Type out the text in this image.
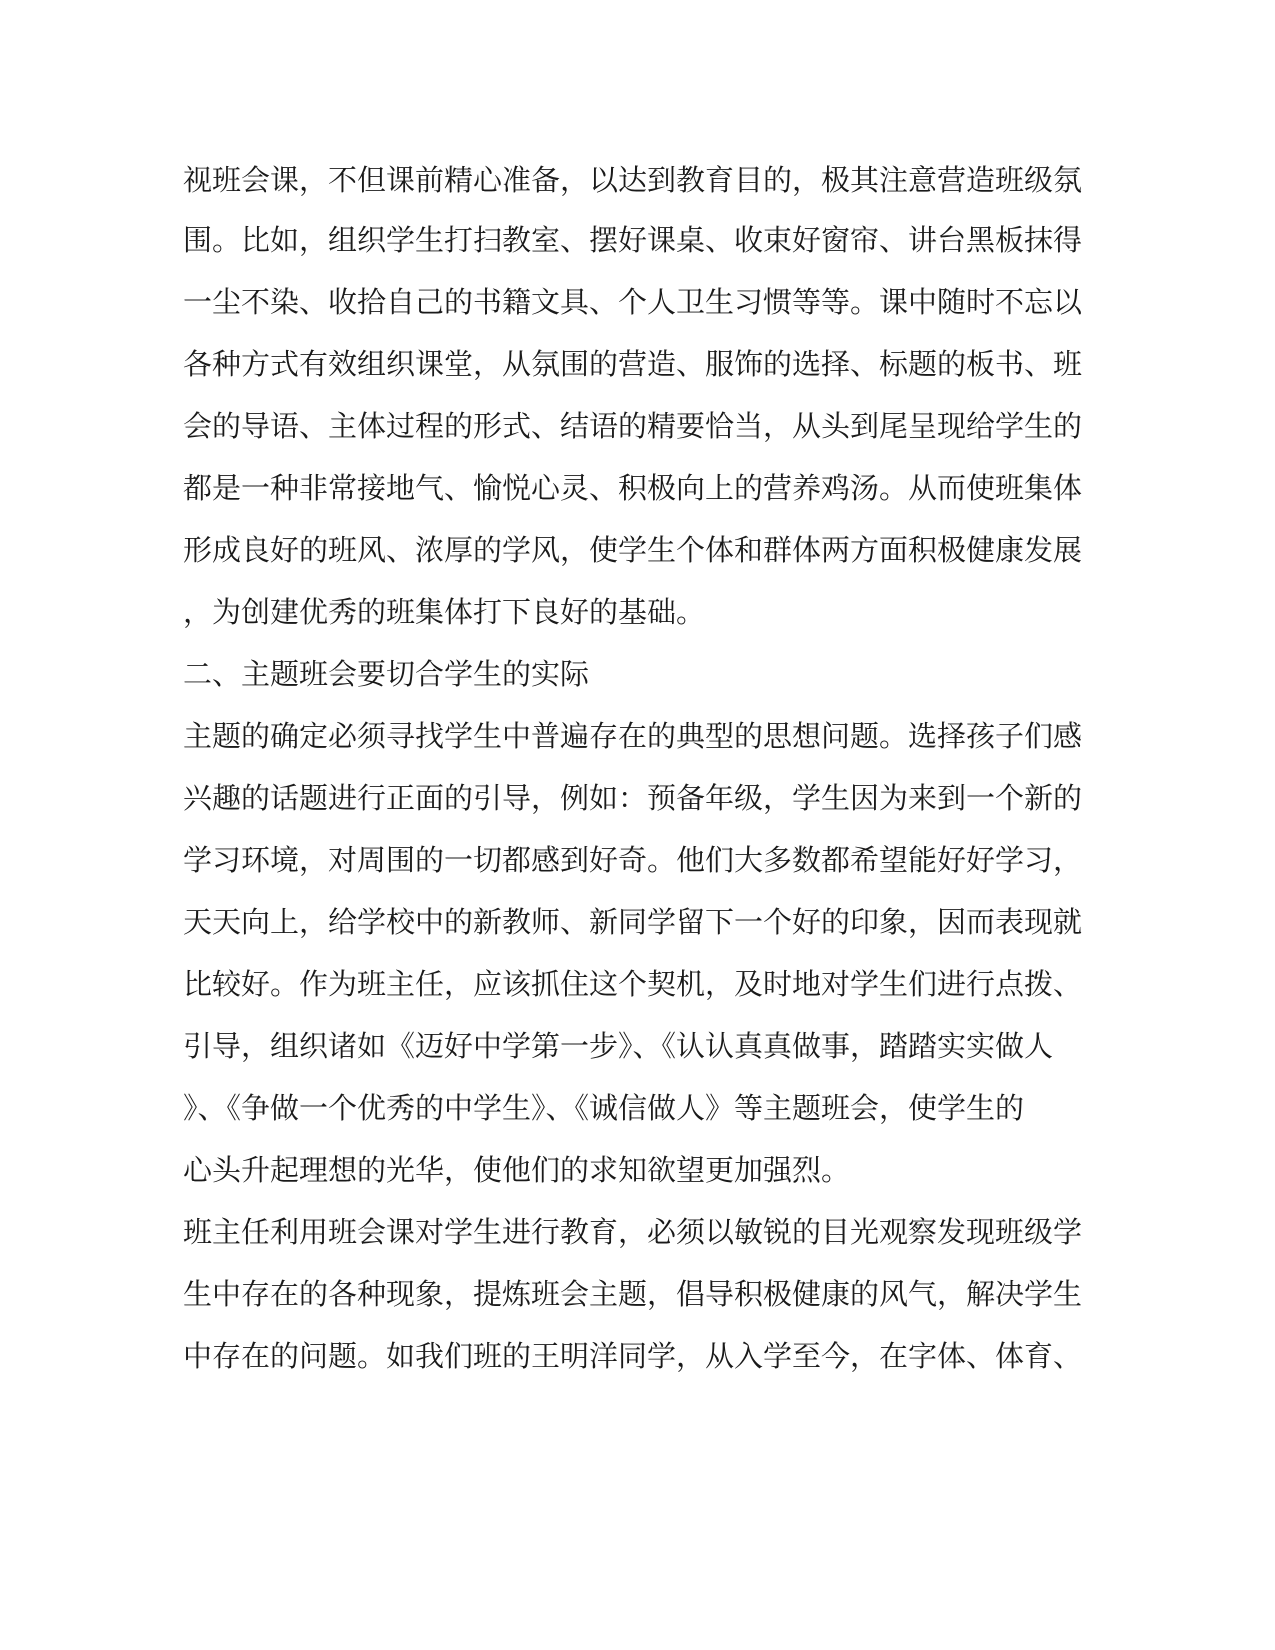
视班会课，不但课前精心准备，以达到教育目的，极其注意营造班级氛
围。比如，组织学生打扫教室、摆好课桌、收束好窗帘、讲台黑板抹得
一尘不染、收拾自己的书籍文具、个人卫生习惯等等。课中随时不忘以
各种方式有效组织课堂，从氛围的营造、服饰的选择、标题的板书、班
会的导语、主体过程的形式、结语的精要恰当，从头到尾呈现给学生的
都是一种非常接地气、愉悦心灵、积极向上的营养鸡汤。从而使班集体
形成良好的班风、浓厚的学风，使学生个体和群体两方面积极健康发展
，为创建优秀的班集体打下良好的基础。
二、主题班会要切合学生的实际
主题的确定必须寻找学生中普遍存在的典型的思想问题。选择孩子们感
兴趣的话题进行正面的引导，例如：预备年级，学生因为来到一个新的
学习环境，对周围的一切都感到好奇。他们大多数都希望能好好学习，
天天向上，给学校中的新教师、新同学留下一个好的印象，因而表现就
比较好。作为班主任，应该抓住这个契机，及时地对学生们进行点拨、
引导，组织诸如《迈好中学第一步》、《认认真真做事，踏踏实实做人
》、《争做一个优秀的中学生》、《诚信做人》等主题班会，使学生的
心头升起理想的光华，使他们的求知欲望更加强烈。
班主任利用班会课对学生进行教育，必须以敏锐的目光观察发现班级学
生中存在的各种现象，提炼班会主题，倡导积极健康的风气，解决学生
中存在的问题。如我们班的王明洋同学，从入学至今，在字体、体育、
